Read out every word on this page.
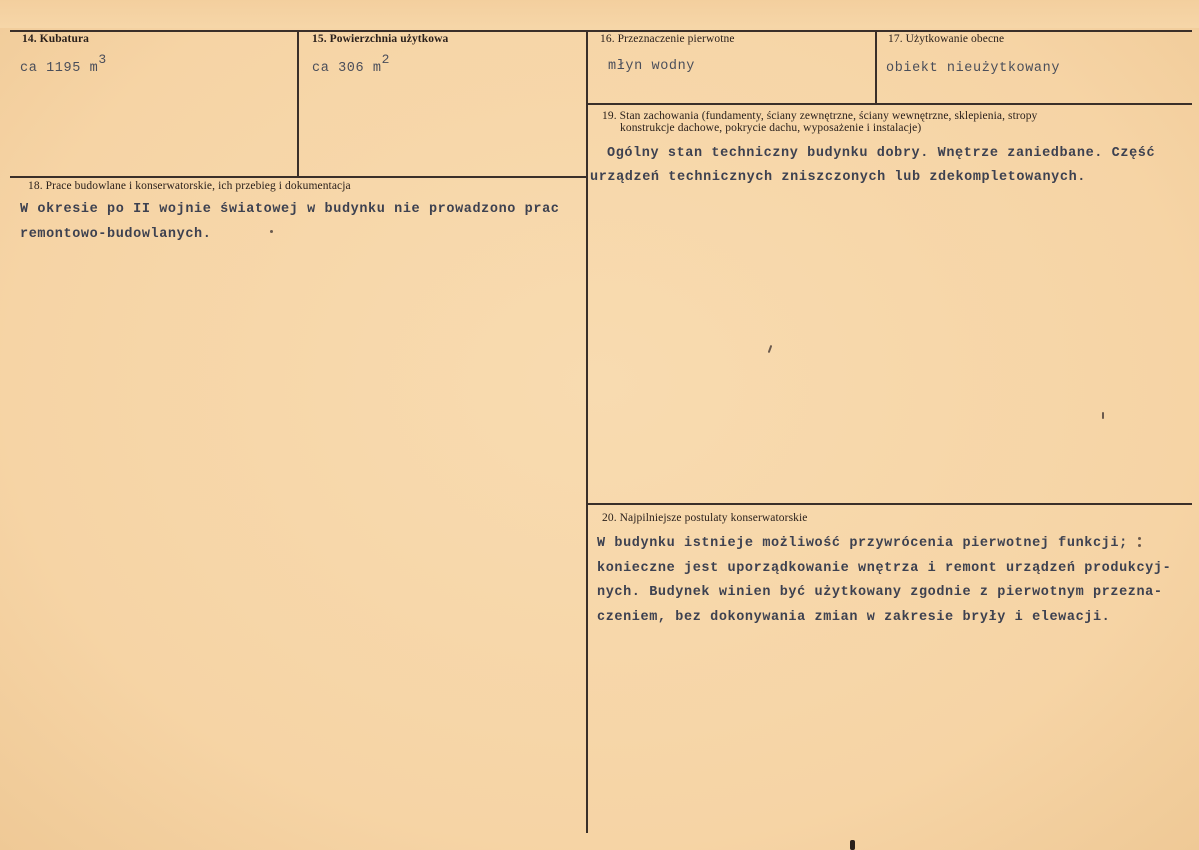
14. Kubatura
ca 1195 m3
15. Powierzchnia użytkowa
ca 306 m2
16. Przeznaczenie pierwotne
młyn wodny
17. Użytkowanie obecne
obiekt nieużytkowany
18. Prace budowlane i konserwatorskie, ich przebieg i dokumentacja
W okresie po II wojnie światowej w budynku nie prowadzono prac
remontowo-budowlanych.
19. Stan zachowania (fundamenty, ściany zewnętrzne, ściany wewnętrzne, sklepienia, stropy
konstrukcje dachowe, pokrycie dachu, wyposażenie i instalacje)
Ogólny stan techniczny budynku dobry. Wnętrze zaniedbane. Część
urządzeń technicznych zniszczonych lub zdekompletowanych.
20. Najpilniejsze postulaty konserwatorskie
W budynku istnieje możliwość przywrócenia pierwotnej funkcji;
konieczne jest uporządkowanie wnętrza i remont urządzeń produkcyj-
nych. Budynek winien być użytkowany zgodnie z pierwotnym przezna-
czeniem, bez dokonywania zmian w zakresie bryły i elewacji.
